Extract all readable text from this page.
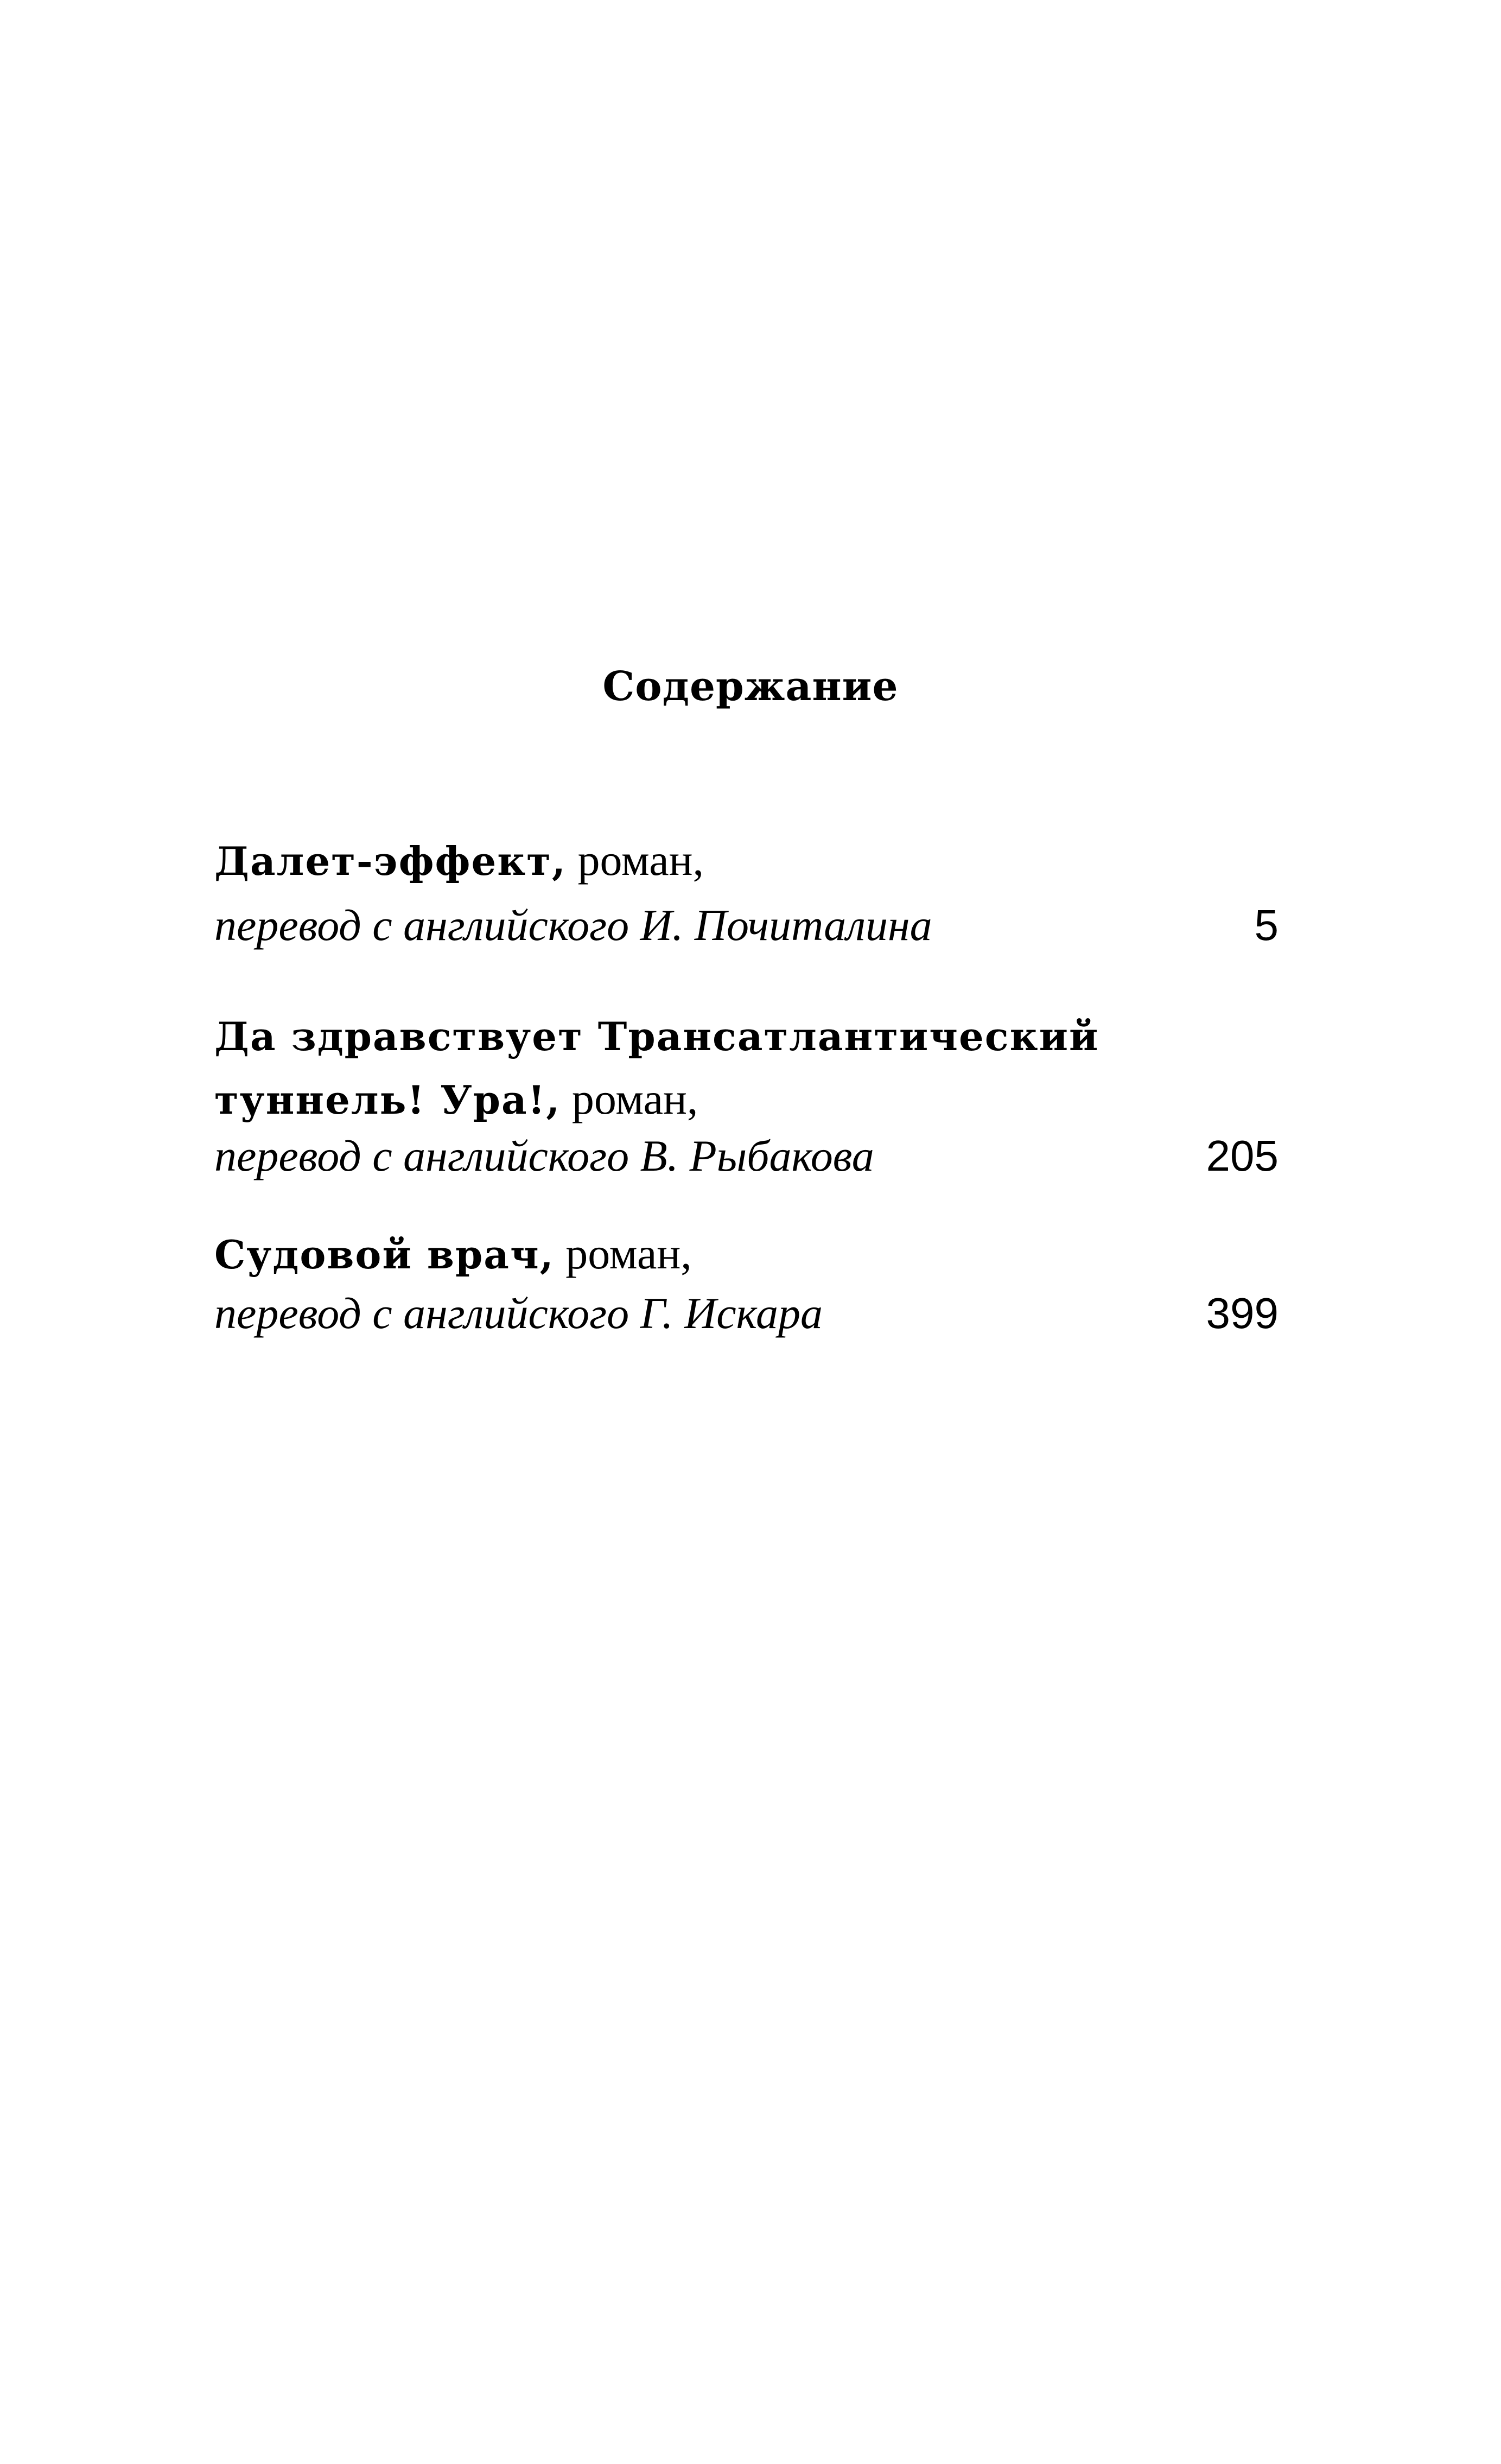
Содержание
Далет-эффект, роман,
перевод с английского И. Почиталина	5
Да здравствует Трансатлантический
туннель! Ура!, роман,
перевод с английского В. Рыбакова	205
Судовой врач, роман,
перевод с английского Г. Искара	399
